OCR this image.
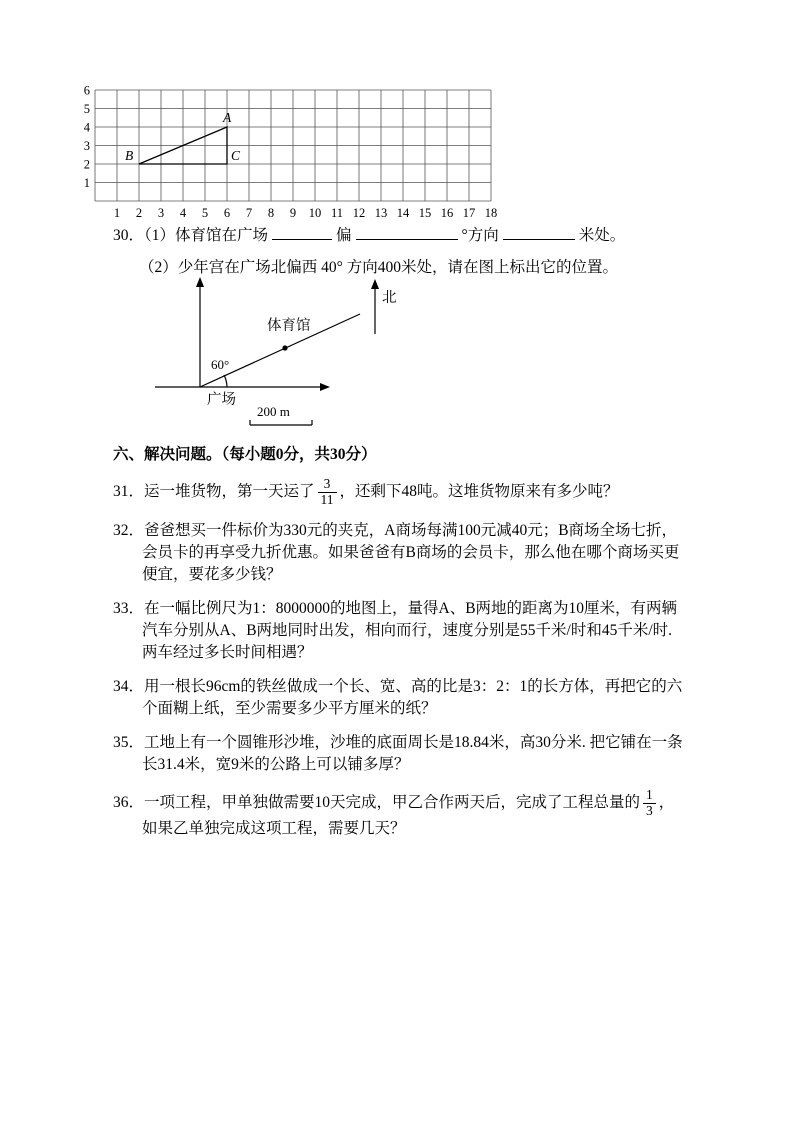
1 2 3 4 5 6 7 8 9 10 11 12 13 14 15 16 17 18
6
5
4
3
2
1
A
B	C

30．（1）体育馆在广场	偏	°方向	米处。

（2）少年宫在广场北偏西 40° 方向400米处，请在图上标出它的位置。

60°
北
体育馆
广场
200 m
六、解决问题。（每小题0分，共30分）

31．运一堆货物，第一天运了 $\frac{3}{11}$ ，还剩下48吨。这堆货物原来有多少吨？

32．爸爸想买一件标价为330元的夹克，A商场每满100元减40元；B商场全场七折，会员卡的再享受九折优惠。如果爸爸有B商场的会员卡，那么他在哪个商场买更便宜，要花多少钱？

33．在一幅比例尺为1：8000000的地图上，量得A、B两地的距离为10厘米，有两辆汽车分别从A、B两地同时出发，相向而行，速度分别是55千米/时和45千米/时. 两车经过多长时间相遇？

34．用一根长96cm的铁丝做成一个长、宽、高的比是3：2：1的长方体，再把它的六个面糊上纸，至少需要多少平方厘米的纸？

35．工地上有一个圆锥形沙堆，沙堆的底面周长是18.84米，高30分米. 把它铺在一条长31.4米，宽9米的公路上可以铺多厚？

36．一项工程，甲单独做需要10天完成，甲乙合作两天后，完成了工程总量的 $\frac{1}{3}$ ，如果乙单独完成这项工程，需要几天？
